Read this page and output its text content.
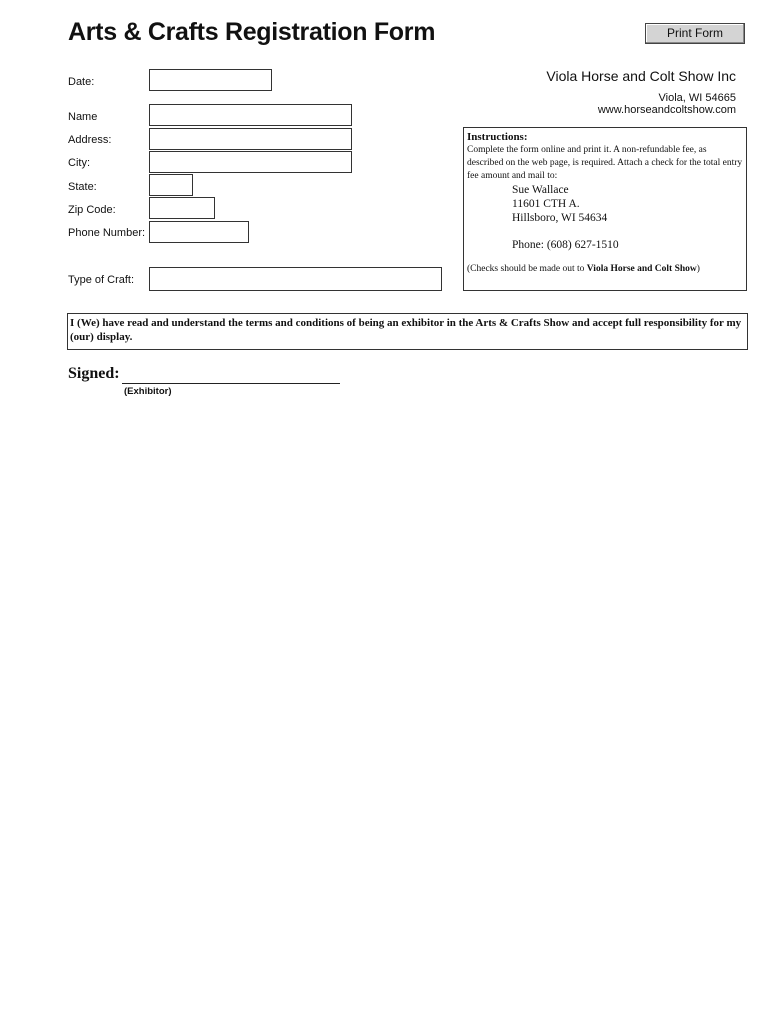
Arts & Crafts Registration Form	Print Form
Date:
Name
Address:
City:
State:
Zip Code:
Phone Number:
Type of Craft:
Viola Horse and Colt Show Inc
Viola, WI 54665
www.horseandcoltshow.com
Instructions:
Complete the form online and print it. A non-refundable fee, as described on the web page, is required. Attach a check for the total entry fee amount and mail to:
Sue Wallace
11601 CTH A.
Hillsboro, WI 54634
Phone: (608) 627-1510
(Checks should be made out to Viola Horse and Colt Show)
I (We) have read and understand the terms and conditions of being an exhibitor in the Arts & Crafts Show and accept full responsibility for my (our) display.
Signed:
(Exhibitor)
